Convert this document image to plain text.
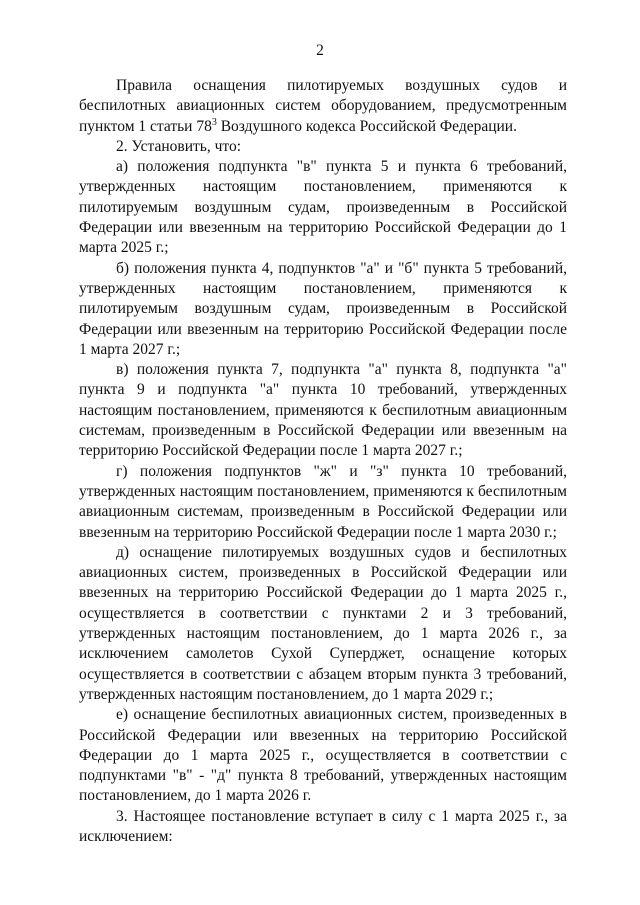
2

Правила оснащения пилотируемых воздушных судов и беспилотных авиационных систем оборудованием, предусмотренным пунктом 1 статьи $78^3$ Воздушного кодекса Российской Федерации.

2. Установить, что:

а) положения подпункта "в" пункта 5 и пункта 6 требований, утвержденных настоящим постановлением, применяются к пилотируемым воздушным судам, произведенным в Российской Федерации или ввезенным на территорию Российской Федерации до 1 марта 2025 г.;

б) положения пункта 4, подпунктов "а" и "б" пункта 5 требований, утвержденных настоящим постановлением, применяются к пилотируемым воздушным судам, произведенным в Российской Федерации или ввезенным на территорию Российской Федерации после 1 марта 2027 г.;

в) положения пункта 7, подпункта "а" пункта 8, подпункта "а" пункта 9 и подпункта "а" пункта 10 требований, утвержденных настоящим постановлением, применяются к беспилотным авиационным системам, произведенным в Российской Федерации или ввезенным на территорию Российской Федерации после 1 марта 2027 г.;

г) положения подпунктов "ж" и "з" пункта 10 требований, утвержденных настоящим постановлением, применяются к беспилотным авиационным системам, произведенным в Российской Федерации или ввезенным на территорию Российской Федерации после 1 марта 2030 г.;

д) оснащение пилотируемых воздушных судов и беспилотных авиационных систем, произведенных в Российской Федерации или ввезенных на территорию Российской Федерации до 1 марта 2025 г., осуществляется в соответствии с пунктами 2 и 3 требований, утвержденных настоящим постановлением, до 1 марта 2026 г., за исключением самолетов Сухой Суперджет, оснащение которых осуществляется в соответствии с абзацем вторым пункта 3 требований, утвержденных настоящим постановлением, до 1 марта 2029 г.;

е) оснащение беспилотных авиационных систем, произведенных в Российской Федерации или ввезенных на территорию Российской Федерации до 1 марта 2025 г., осуществляется в соответствии с подпунктами "в" - "д" пункта 8 требований, утвержденных настоящим постановлением, до 1 марта 2026 г.

3. Настоящее постановление вступает в силу с 1 марта 2025 г., за исключением:
